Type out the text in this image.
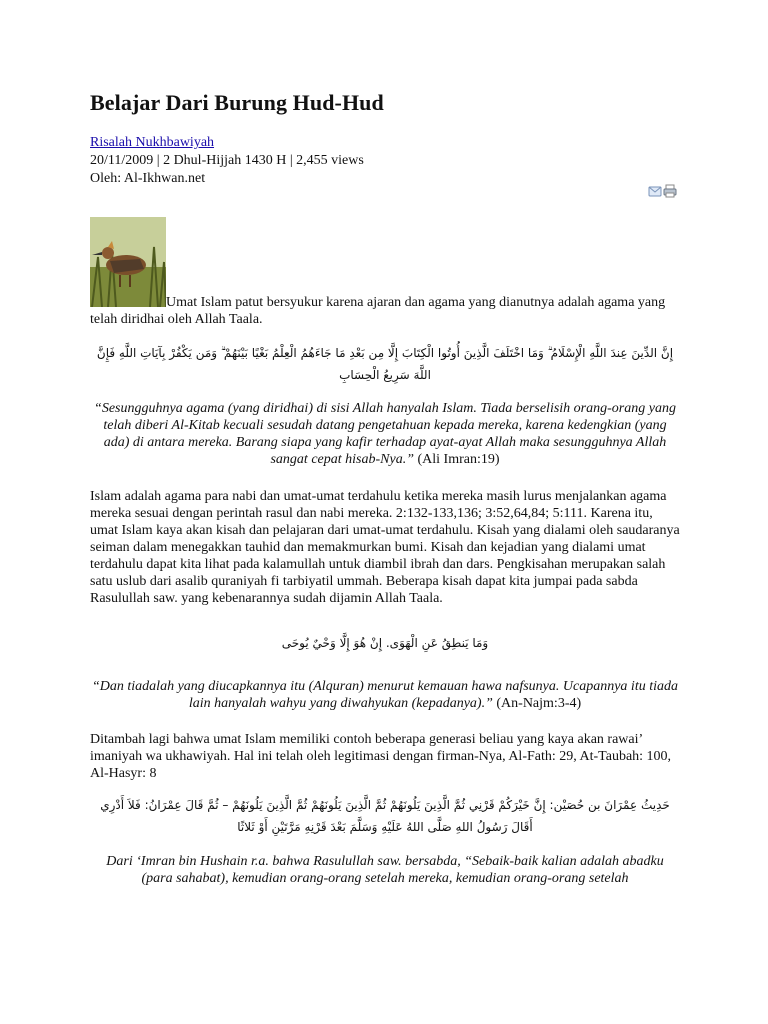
Belajar Dari Burung Hud-Hud
Risalah Nukhbawiyah
20/11/2009 | 2 Dhul-Hijjah 1430 H | 2,455 views
Oleh: Al-Ikhwan.net
Umat Islam patut bersyukur karena ajaran dan agama yang dianutnya adalah agama yang telah diridhai oleh Allah Taala.
إِنَّ الدِّينَ عِندَ اللَّهِ الْإِسْلَامُ ۗ وَمَا اخْتَلَفَ الَّذِينَ أُوتُوا الْكِتَابَ إِلَّا مِن بَعْدِ مَا جَاءَهُمُ الْعِلْمُ بَغْيًا بَيْنَهُمْ ۗ وَمَن يَكْفُرْ بِآيَاتِ اللَّهِ فَإِنَّ اللَّهَ سَرِيعُ الْحِسَابِ
“Sesungguhnya agama (yang diridhai) di sisi Allah hanyalah Islam. Tiada berselisih orang-orang yang telah diberi Al-Kitab kecuali sesudah datang pengetahuan kepada mereka, karena kedengkian (yang ada) di antara mereka. Barang siapa yang kafir terhadap ayat-ayat Allah maka sesungguhnya Allah sangat cepat hisab-Nya.” (Ali Imran:19)
Islam adalah agama para nabi dan umat-umat terdahulu ketika mereka masih lurus menjalankan agama mereka sesuai dengan perintah rasul dan nabi mereka. 2:132-133,136; 3:52,64,84; 5:111. Karena itu, umat Islam kaya akan kisah dan pelajaran dari umat-umat terdahulu. Kisah yang dialami oleh saudaranya seiman dalam menegakkan tauhid dan memakmurkan bumi. Kisah dan kejadian yang dialami umat terdahulu dapat kita lihat pada kalamullah untuk diambil ibrah dan dars. Pengkisahan merupakan salah satu uslub dari asalib quraniyah fi tarbiyatil ummah. Beberapa kisah dapat kita jumpai pada sabda Rasulullah saw. yang kebenarannya sudah dijamin Allah Taala.
وَمَا يَنطِقُ عَنِ الْهَوَى. إِنْ هُوَ إِلَّا وَحْيٌ يُوحَى
“Dan tiadalah yang diucapkannya itu (Alquran) menurut kemauan hawa nafsunya. Ucapannya itu tiada lain hanyalah wahyu yang diwahyukan (kepadanya).” (An-Najm:3-4)
Ditambah lagi bahwa umat Islam memiliki contoh beberapa generasi beliau yang kaya akan rawai’ imaniyah wa ukhawiyah. Hal ini telah oleh legitimasi dengan firman-Nya, Al-Fath: 29, At-Taubah: 100, Al-Hasyr: 8
حَدِيثُ عِمْرَانَ بن حُصَيْن: إِنَّ خَيْرَكُمْ قَرْنِي ثُمَّ الَّذِينَ يَلُونَهُمْ ثُمَّ الَّذِينَ يَلُونَهُمْ ثُمَّ الَّذِينَ يَلُونَهُمْ – ثُمَّ قَالَ عِمْرَانُ: فَلاَ أَدْرِي أَقَالَ رَسُولُ اللهِ صَلَّى اللهُ عَلَيْهِ وَسَلَّمَ بَعْدَ قَرْنِهِ مَرَّتَيْنِ أَوْ ثَلاثًا
Dari ‘Imran bin Hushain r.a. bahwa Rasulullah saw. bersabda, “Sebaik-baik kalian adalah abadku (para sahabat), kemudian orang-orang setelah mereka, kemudian orang-orang setelah
